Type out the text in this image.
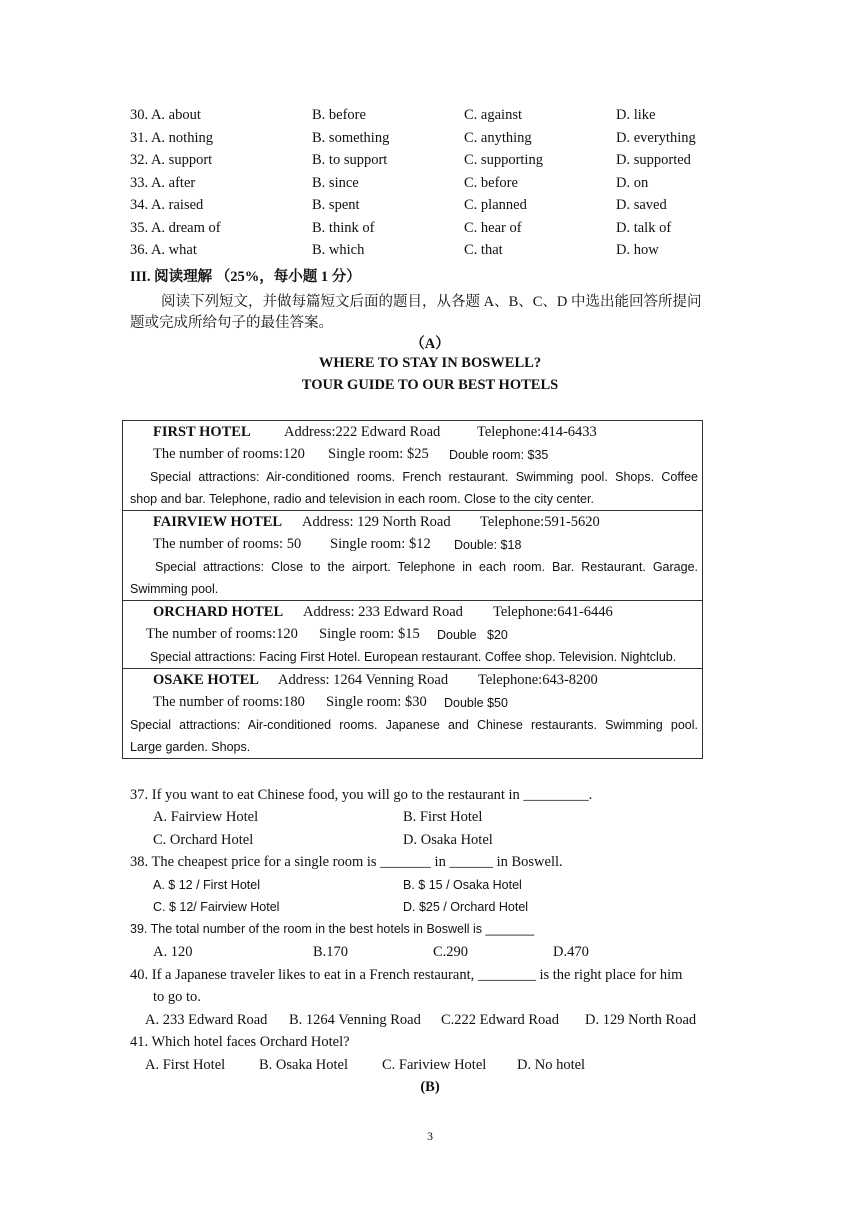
30. A. about	B. before	C. against	D. like
31. A. nothing	B. something	C. anything	D. everything
32. A. support	B. to support	C. supporting	D. supported
33. A. after	B. since	C. before	D. on
34. A. raised	B. spent	C. planned	D. saved
35. A. dream of	B. think of	C. hear of	D. talk of
36. A. what	B. which	C. that	D. how
III. 阅读理解 （25%，每小题 1 分）
阅读下列短文，并做每篇短文后面的题目，从各题 A、B、C、D 中选出能回答所提问
题或完成所给句子的最佳答案。
（A）
WHERE TO STAY IN BOSWELL?
TOUR GUIDE TO OUR BEST HOTELS
FIRST HOTEL Address:222 Edward Road	Telephone:414-6433
The number of rooms:120 Single room: $25 Double room: $35
Special attractions: Air-conditioned rooms. French restaurant. Swimming pool. Shops. Coffee
shop and bar. Telephone, radio and television in each room. Close to the city center.

FAIRVIEW HOTEL Address: 129 North Road Telephone:591-5620
The number of rooms: 50 Single room: $12 Double: $18
Special attractions: Close to the airport. Telephone in each room. Bar. Restaurant. Garage.
Swimming pool.

ORCHARD HOTEL Address: 233 Edward Road Telephone:641-6446
The number of rooms:120 Single room: $15 Double   $20
Special attractions: Facing First Hotel. European restaurant. Coffee shop. Television. Nightclub.

OSAKE HOTEL Address: 1264 Venning Road Telephone:643-8200
The number of rooms:180 Single room: $30 Double $50
Special attractions: Air-conditioned rooms. Japanese and Chinese restaurants. Swimming pool.
Large garden. Shops.
37. If you want to eat Chinese food, you will go to the restaurant in _________.
A. Fairview Hotel	B. First Hotel
C. Orchard Hotel	D. Osaka Hotel
38. The cheapest price for a single room is _______ in ______ in Boswell.
A. $ 12 / First Hotel	B. $ 15 / Osaka Hotel
C. $ 12/ Fairview Hotel	D. $25 / Orchard Hotel
39. The total number of the room in the best hotels in Boswell is _______
A. 120	B.170	C.290	D.470
40. If a Japanese traveler likes to eat in a French restaurant, ________ is the right place for him
to go to.
A. 233 Edward Road B. 1264 Venning Road C.222 Edward Road D. 129 North Road
41. Which hotel faces Orchard Hotel?
A. First Hotel B. Osaka Hotel C. Fariview Hotel D. No hotel
(B)
3
